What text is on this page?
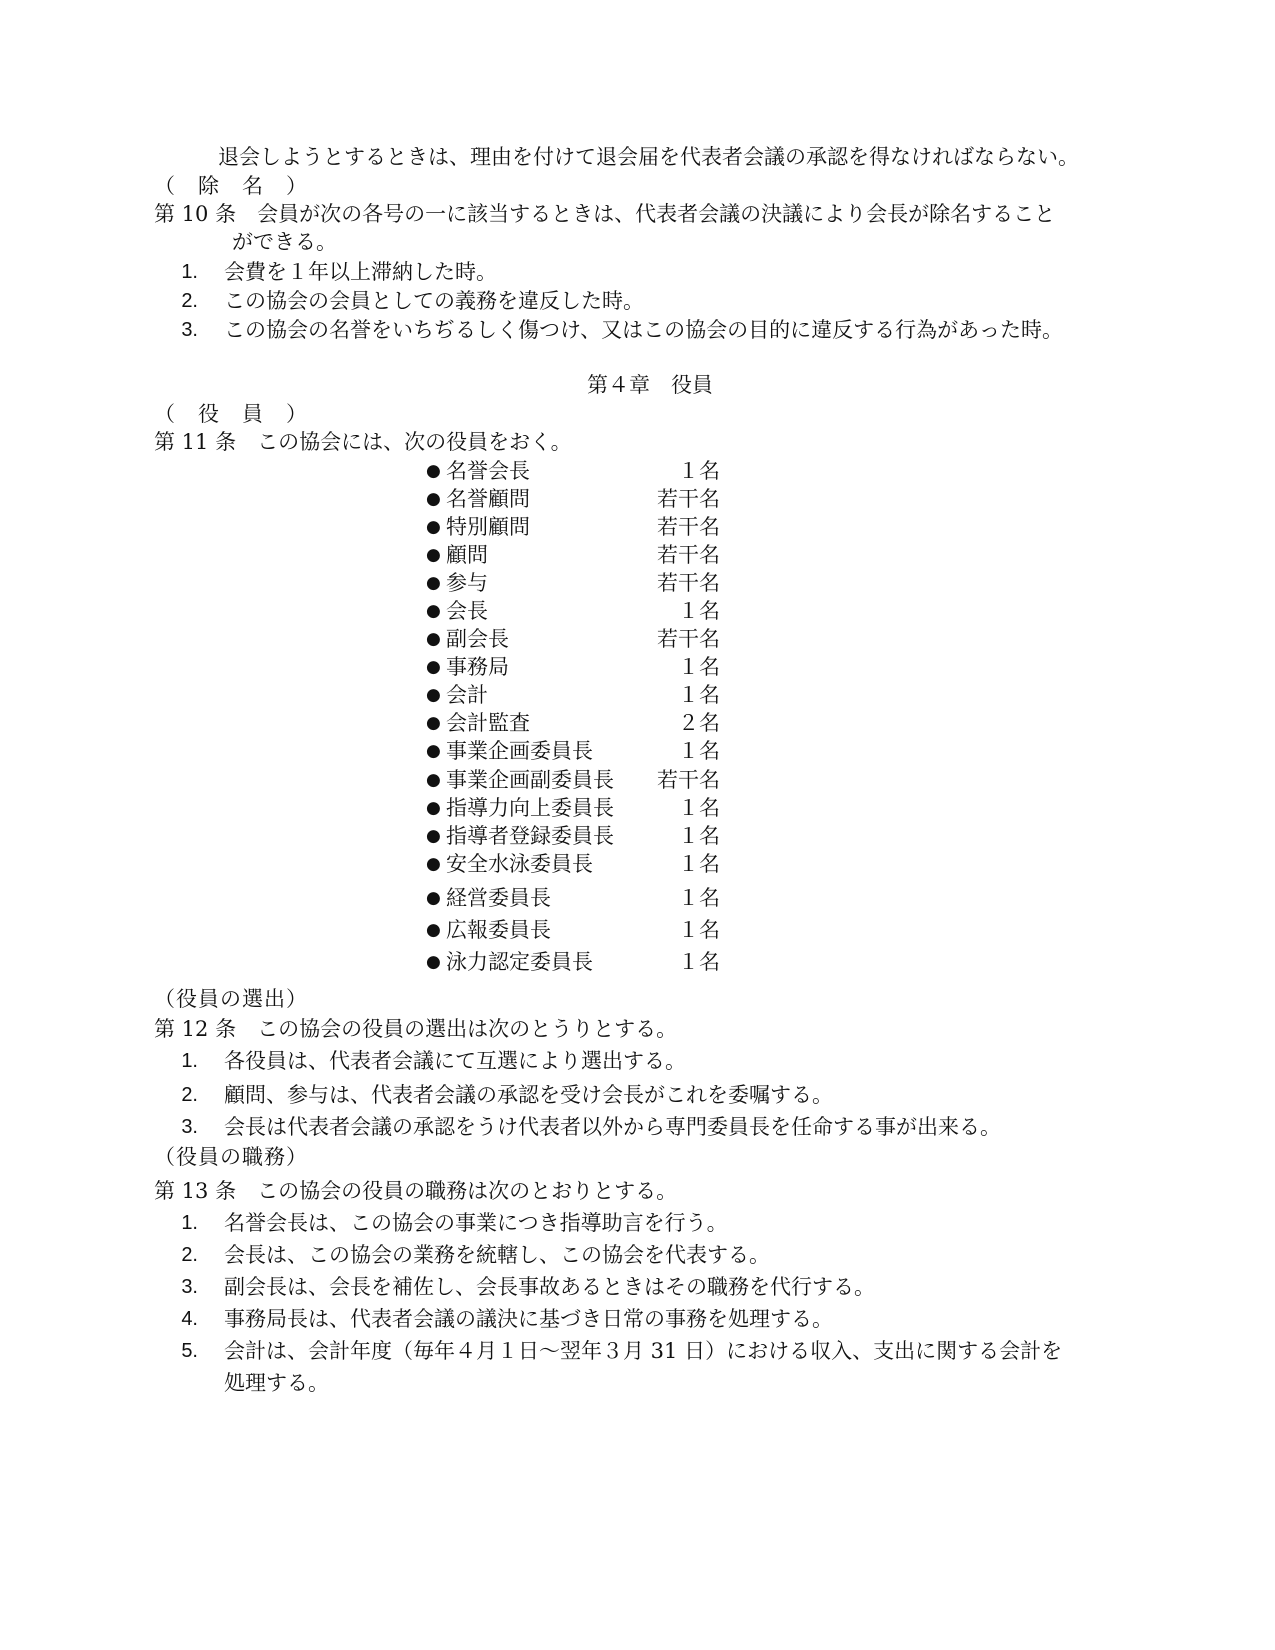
退会しようとするときは、理由を付けて退会届を代表者会議の承認を得なければならない。
（　除　名　）
第 10 条　会員が次の各号の一に該当するときは、代表者会議の決議により会長が除名すること
ができる。
1. 会費を１年以上滞納した時。
2. この協会の会員としての義務を違反した時。
3. この協会の名誉をいちぢるしく傷つけ、又はこの協会の目的に違反する行為があった時。
第４章　役員
（　役　員　）
第 11 条　この協会には、次の役員をおく。
● 名誉会長	１名
● 名誉顧問	若干名
● 特別顧問	若干名
● 顧問	若干名
● 参与	若干名
● 会長	１名
● 副会長	若干名
● 事務局	１名
● 会計	１名
● 会計監査	２名
● 事業企画委員長	１名
● 事業企画副委員長 若干名
● 指導力向上委員長	１名
● 指導者登録委員長	１名
● 安全水泳委員長	１名
● 経営委員長	１名
● 広報委員長	１名
● 泳力認定委員長	１名
（役員の選出）
第 12 条　この協会の役員の選出は次のとうりとする。
1. 各役員は、代表者会議にて互選により選出する。
2. 顧問、参与は、代表者会議の承認を受け会長がこれを委嘱する。
3. 会長は代表者会議の承認をうけ代表者以外から専門委員長を任命する事が出来る。
（役員の職務）
第 13 条　この協会の役員の職務は次のとおりとする。
1. 名誉会長は、この協会の事業につき指導助言を行う。
2. 会長は、この協会の業務を統轄し、この協会を代表する。
3. 副会長は、会長を補佐し、会長事故あるときはその職務を代行する。
4. 事務局長は、代表者会議の議決に基づき日常の事務を処理する。
5. 会計は、会計年度（毎年４月１日～翌年３月 31 日）における収入、支出に関する会計を
処理する。
